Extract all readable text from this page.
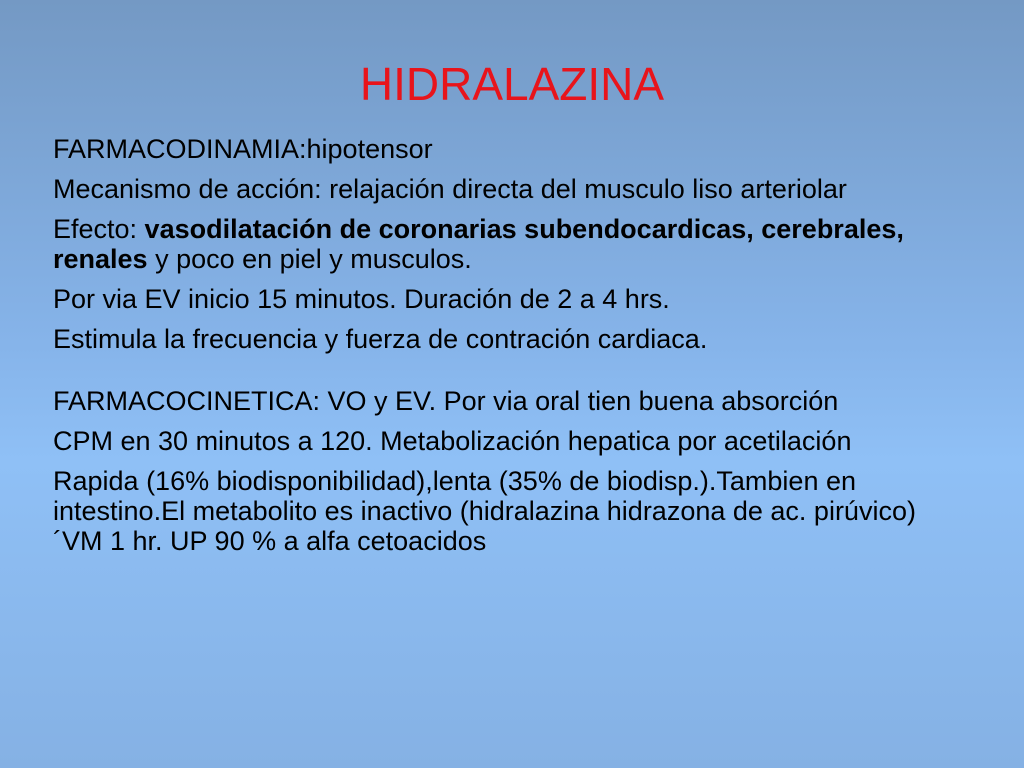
HIDRALAZINA

FARMACODINAMIA:hipotensor

Mecanismo de acción: relajación directa del musculo liso arteriolar

Efecto: vasodilatación de coronarias subendocardicas, cerebrales, renales y poco en piel y musculos.

Por via EV inicio 15 minutos. Duración de 2 a 4 hrs.

Estimula la frecuencia y fuerza de contración cardiaca.

FARMACOCINETICA: VO y EV. Por via oral tien buena absorción

CPM en 30 minutos a 120. Metabolización hepatica por acetilación

Rapida (16% biodisponibilidad),lenta (35% de biodisp.).Tambien en intestino.El metabolito es inactivo (hidralazina hidrazona de ac. pirúvico)´VM 1 hr. UP 90 % a alfa cetoacidos
